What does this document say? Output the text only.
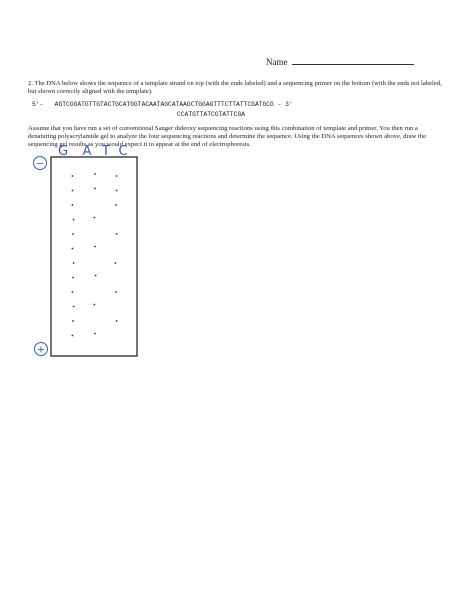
Name
2. The DNA below shows the sequence of a template strand on top (with the ends labeled) and a sequencing primer on the bottom (with the ends not labeled, but shown correctly aligned with the template).
5'-   AGTCGGATGTTGTACTGCATGGTACAATAGCATAAGCTGGAGTTTCTTATTCGATGCG - 3'
CCATGTTATCGTATTCGA
Assume that you have run a set of conventional Sanger dideoxy sequencing reactions using this combination of template and primer. You then run a denaturing polyacrylamide gel to analyze the four sequencing reactions and determine the sequence. Using the DNA sequences shown above, draw the sequencing gel results as you would expect it to appear at the end of electrophoresis.
G A T C
−
+
